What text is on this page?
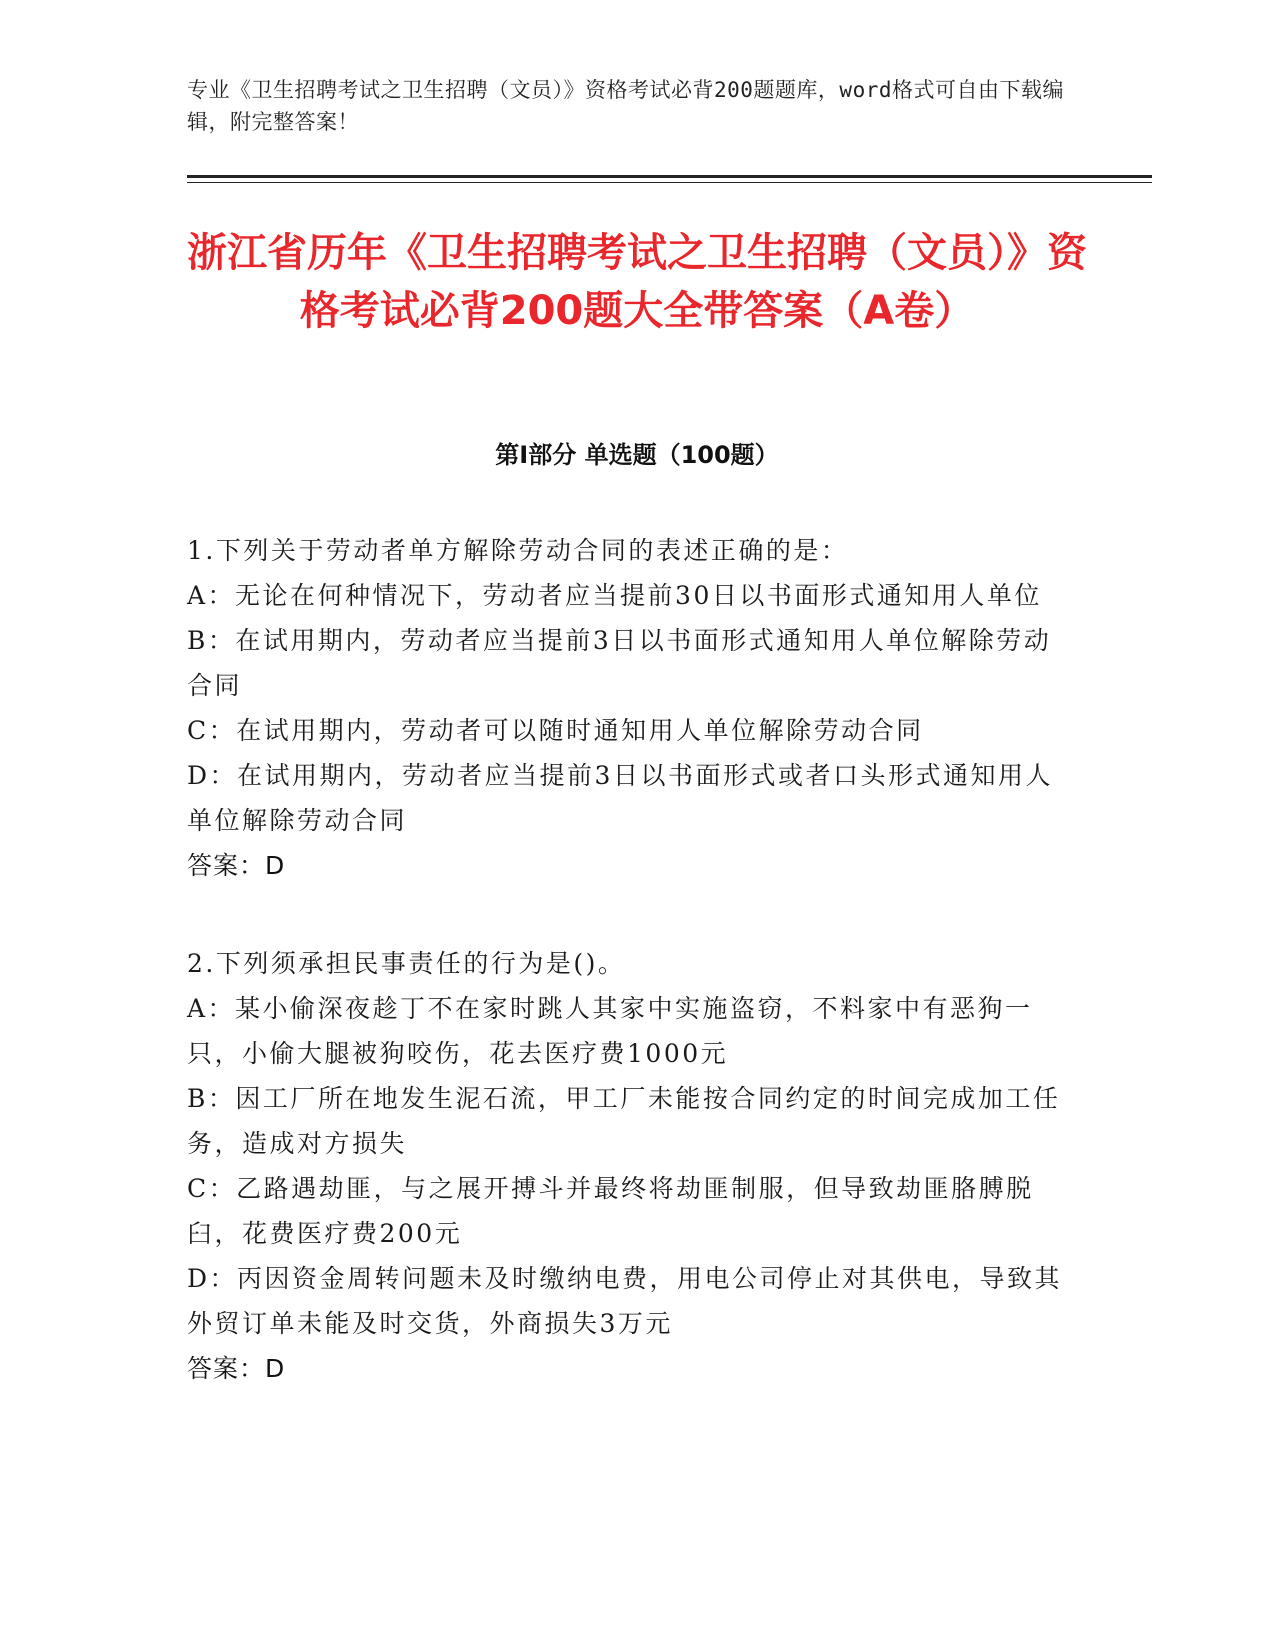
专业《卫生招聘考试之卫生招聘（文员）》资格考试必背200题题库，word格式可自由下载编辑，附完整答案！
浙江省历年《卫生招聘考试之卫生招聘（文员）》资格考试必背200题大全带答案（A卷）
第Ⅰ部分 单选题（100题）
1.下列关于劳动者单方解除劳动合同的表述正确的是：
A：无论在何种情况下，劳动者应当提前30日以书面形式通知用人单位
B：在试用期内，劳动者应当提前3日以书面形式通知用人单位解除劳动合同
C：在试用期内，劳动者可以随时通知用人单位解除劳动合同
D：在试用期内，劳动者应当提前3日以书面形式或者口头形式通知用人单位解除劳动合同
答案：D
2.下列须承担民事责任的行为是()。
A：某小偷深夜趁丁不在家时跳人其家中实施盗窃，不料家中有恶狗一只，小偷大腿被狗咬伤，花去医疗费1000元
B：因工厂所在地发生泥石流，甲工厂未能按合同约定的时间完成加工任务，造成对方损失
C：乙路遇劫匪，与之展开搏斗并最终将劫匪制服，但导致劫匪胳膊脱臼，花费医疗费200元
D：丙因资金周转问题未及时缴纳电费，用电公司停止对其供电，导致其外贸订单未能及时交货，外商损失3万元
答案：D
